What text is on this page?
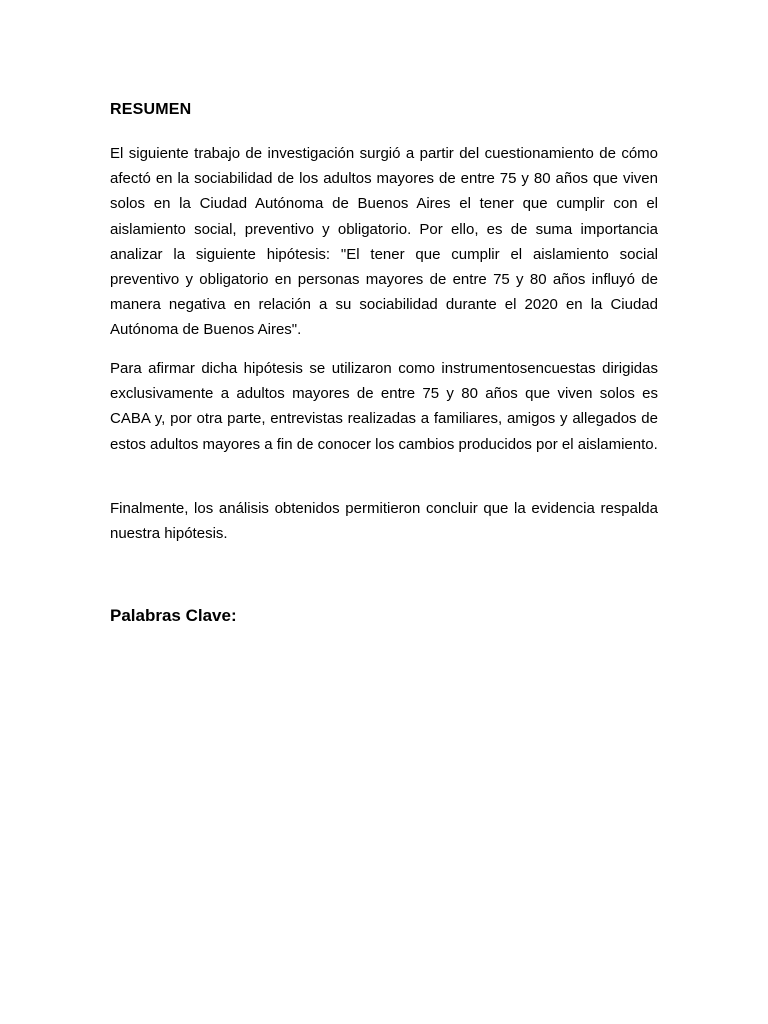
RESUMEN

El siguiente trabajo de investigación surgió a partir del cuestionamiento de cómo afectó en la sociabilidad de los adultos mayores de entre 75 y 80 años que viven solos en la Ciudad Autónoma de Buenos Aires el tener que cumplir con el aislamiento social, preventivo y obligatorio. Por ello, es de suma importancia analizar la siguiente hipótesis: "El tener que cumplir el aislamiento social preventivo y obligatorio en personas mayores de entre 75 y 80 años influyó de manera negativa en relación a su sociabilidad durante el 2020 en la Ciudad Autónoma de Buenos Aires".

Para afirmar dicha hipótesis se utilizaron como instrumentosencuestas dirigidas exclusivamente a adultos mayores de entre 75 y 80 años que viven solos es CABA y, por otra parte, entrevistas realizadas a familiares, amigos y allegados de estos adultos mayores a fin de conocer los cambios producidos por el aislamiento.

Finalmente, los análisis obtenidos permitieron concluir que la evidencia respalda nuestra hipótesis.

Palabras Clave:
